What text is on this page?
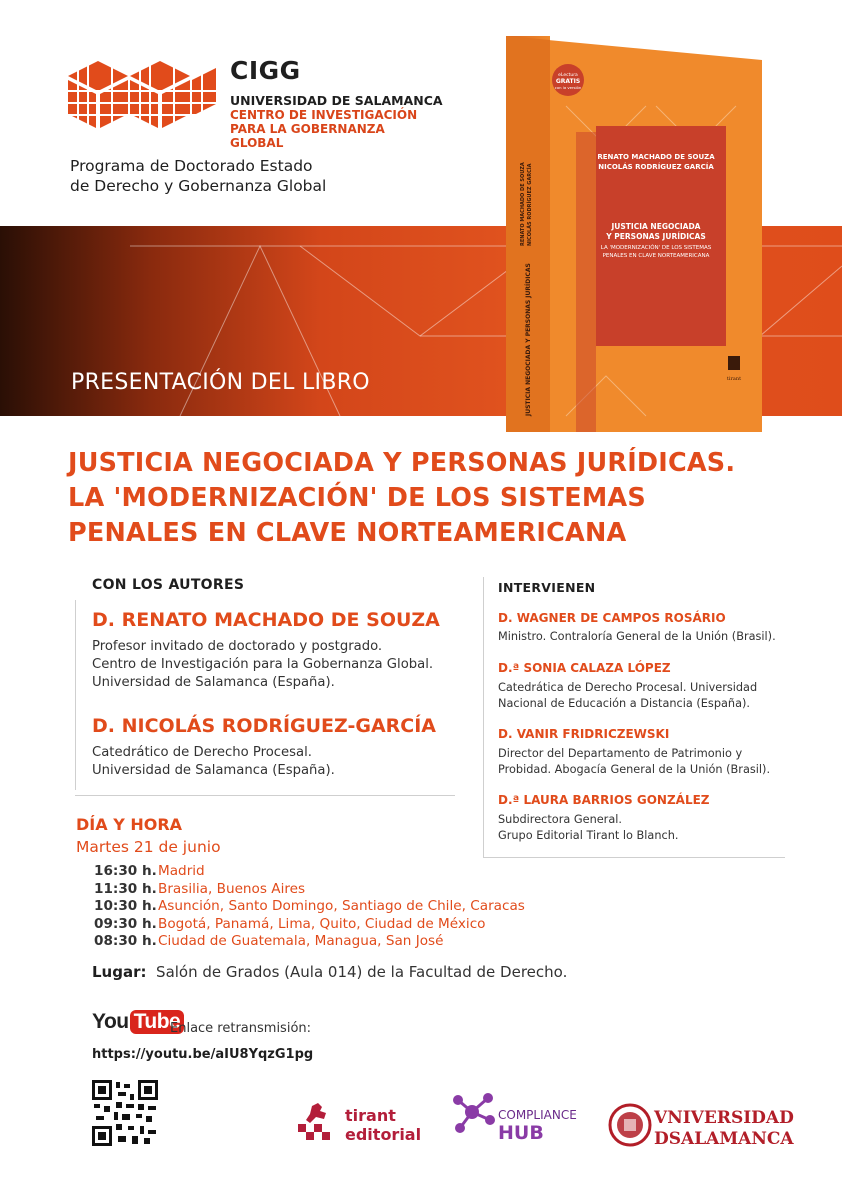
CIGG
UNIVERSIDAD DE SALAMANCA
CENTRO DE INVESTIGACIÓN
PARA LA GOBERNANZA GLOBAL
Programa de Doctorado Estado
de Derecho y Gobernanza Global
PRESENTACIÓN DEL LIBRO
RENATO MACHADO DE SOUZA
NICOLÁS RODRÍGUEZ GARCÍA
JUSTICIA NEGOCIADA
Y PERSONAS JURÍDICAS
LA 'MODERNIZACIÓN' DE LOS SISTEMAS
PENALES EN CLAVE NORTEAMERICANA
JUSTICIA NEGOCIADA Y PERSONAS JURÍDICAS
RENATO MACHADO DE SOUZA NICOLÁS RODRÍGUEZ GARCÍA
eLectura
GRATIS
con la versión
tirant
JUSTICIA NEGOCIADA Y PERSONAS JURÍDICAS.
LA 'MODERNIZACIÓN' DE LOS SISTEMAS
PENALES EN CLAVE NORTEAMERICANA
CON LOS AUTORES
D. RENATO MACHADO DE SOUZA
Profesor invitado de doctorado y postgrado.
Centro de Investigación para la Gobernanza Global.
Universidad de Salamanca (España).
D. NICOLÁS RODRÍGUEZ-GARCÍA
Catedrático de Derecho Procesal.
Universidad de Salamanca (España).
INTERVIENEN
D. WAGNER DE CAMPOS ROSÁRIO
Ministro. Contraloría General de la Unión (Brasil).
D.ª SONIA CALAZA LÓPEZ
Catedrática de Derecho Procesal. Universidad
Nacional de Educación a Distancia (España).
D. VANIR FRIDRICZEWSKI
Director del Departamento de Patrimonio y
Probidad. Abogacía General de la Unión (Brasil).
D.ª LAURA BARRIOS GONZÁLEZ
Subdirectora General.
Grupo Editorial Tirant lo Blanch.
DÍA Y HORA
Martes 21 de junio
16:30 h. Madrid
11:30 h. Brasilia, Buenos Aires
10:30 h. Asunción, Santo Domingo, Santiago de Chile, Caracas
09:30 h. Bogotá, Panamá, Lima, Quito, Ciudad de México
08:30 h. Ciudad de Guatemala, Managua, San José
Lugar: Salón de Grados (Aula 014) de la Facultad de Derecho.
You Tube
Enlace retransmisión:
https://youtu.be/aIU8YqzG1pg
tirant
editorial
COMPLIANCE
HUB
VNIVERSIDAD
DSALAMANCA
